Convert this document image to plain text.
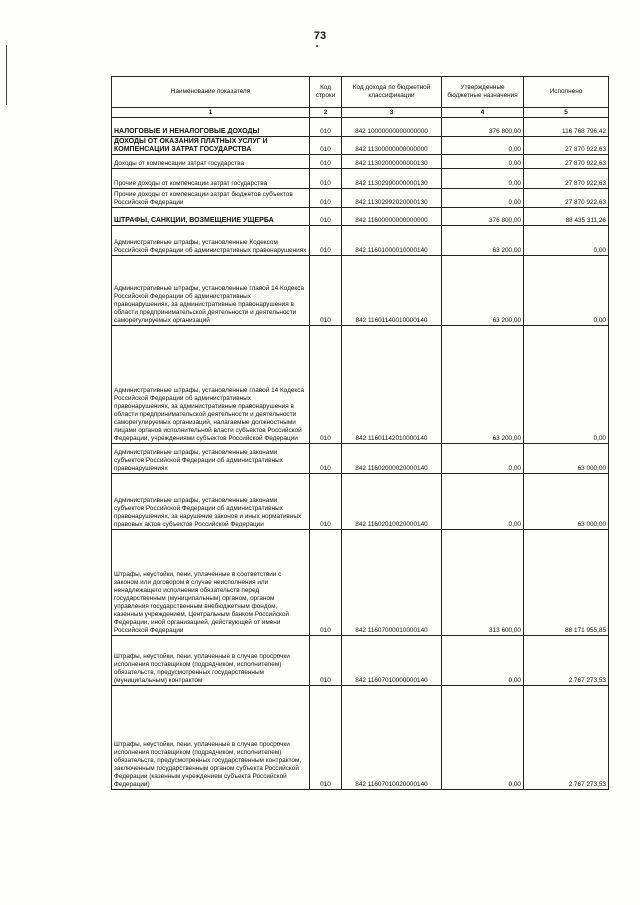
73
Наименование показателя	Код строки	Код дохода по бюджетной классификации	Утвержденные бюджетные назначения	Исполнено
1	2	3	4	5
НАЛОГОВЫЕ И НЕНАЛОГОВЫЕ ДОХОДЫ	010	842 10000000000000000	376 800,00	116 768 796,42
ДОХОДЫ ОТ ОКАЗАНИЯ ПЛАТНЫХ УСЛУГ И КОМПЕНСАЦИИ ЗАТРАТ ГОСУДАРСТВА	010	842 11300000000000000	0,00	27 870 922,63
Доходы от компенсации затрат государства	010	842 11302000000000130	0,00	27 870 922,63
Прочие доходы от компенсации затрат государства	010	842 11302990000000130	0,00	27 870 922,63
Прочие доходы от компенсации затрат бюджетов субъектов Российской Федерации	010	842 11302992020000130	0,00	27 870 922,63
ШТРАФЫ, САНКЦИИ, ВОЗМЕЩЕНИЕ УЩЕРБА	010	842 11600000000000000	376 800,00	88 435 311,26
Административные штрафы, установленные Кодексом Российской Федерации об административных правонарушениях	010	842 11601000010000140	63 200,00	0,00
Административные штрафы, установленные главой 14 Кодекса Российской Федерации об административных правонарушениях, за административные правонарушения в области предпринимательской деятельности и деятельности саморегулируемых организаций	010	842 11601140010000140	63 200,00	0,00
Административные штрафы, установленные главой 14 Кодекса Российской Федерации об административных правонарушениях, за административные правонарушения в области предпринимательской деятельности и деятельности саморегулируемых организаций, налагаемые должностными лицами органов исполнительной власти субъектов Российской Федерации, учреждениями субъектов Российской Федерации	010	842 11601142010000140	63 200,00	0,00
Административные штрафы, установленные законами субъектов Российской Федерации об административных правонарушениях	010	842 11602000020000140	0,00	63 000,00
Административные штрафы, установленные законами субъектов Российской Федерации об административных правонарушениях, за нарушение законов и иных нормативных правовых актов субъектов Российской Федерации	010	842 11602010020000140	0,00	63 000,00
Штрафы, неустойки, пени, уплаченные в соответствии с законом или договором в случае неисполнения или ненадлежащего исполнения обязательств перед государственным (муниципальным) органом, органом управления государственным внебюджетным фондом, казенным учреждением, Центральным банком Российской Федерации, иной организацией, действующей от имени Российской Федерации	010	842 11607000010000140	313 600,00	88 171 955,85
Штрафы, неустойки, пени, уплаченные в случае просрочки исполнения поставщиком (подрядчиком, исполнителем) обязательств, предусмотренных государственным (муниципальным) контрактом	010	842 11607010000000140	0,00	2 767 273,53
Штрафы, неустойки, пени, уплаченные в случае просрочки исполнения поставщиком (подрядчиком, исполнителем) обязательств, предусмотренных государственным контрактом, заключенным государственным органом субъекта Российской Федерации (казенным учреждением субъекта Российской Федерации)	010	842 11607010020000140	0,00	2 767 273,53
